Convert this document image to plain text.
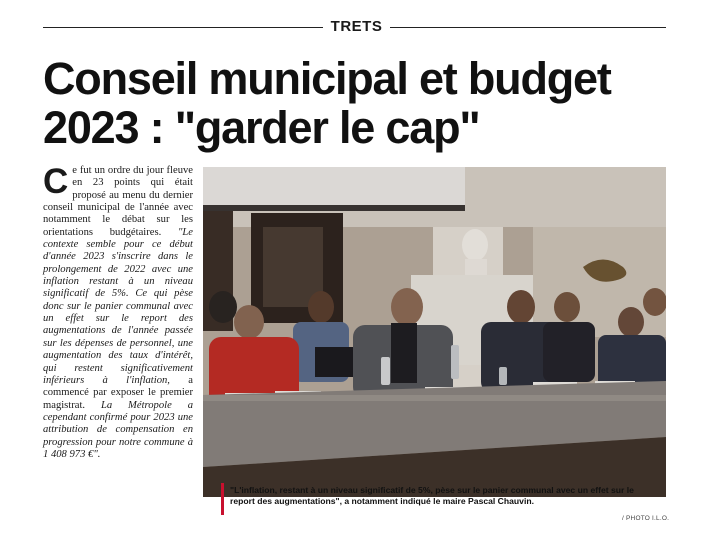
TRETS
Conseil municipal et budget 2023 : "garder le cap"
Ce fut un ordre du jour fleuve en 23 points qui était proposé au menu du dernier conseil municipal de l'année avec notamment le débat sur les orientations budgétaires. "Le contexte semble pour ce début d'année 2023 s'inscrire dans le prolongement de 2022 avec une inflation restant à un niveau significatif de 5%. Ce qui pèse donc sur le panier communal avec un effet sur le report des augmentations de l'année passée sur les dépenses de personnel, une augmentation des taux d'intérêt, qui restent significativement inférieurs à l'inflation, a commencé par exposer le premier magistrat. La Métropole a cependant confirmé pour 2023 une attribution de compensation en progression pour notre commune à 1 408 973 €".

"L'inflation, restant à un niveau significatif de 5%, pèse sur le panier communal avec un effet sur le report des augmentations", a notamment indiqué le maire Pascal Chauvin.

/ PHOTO I.L.O.
